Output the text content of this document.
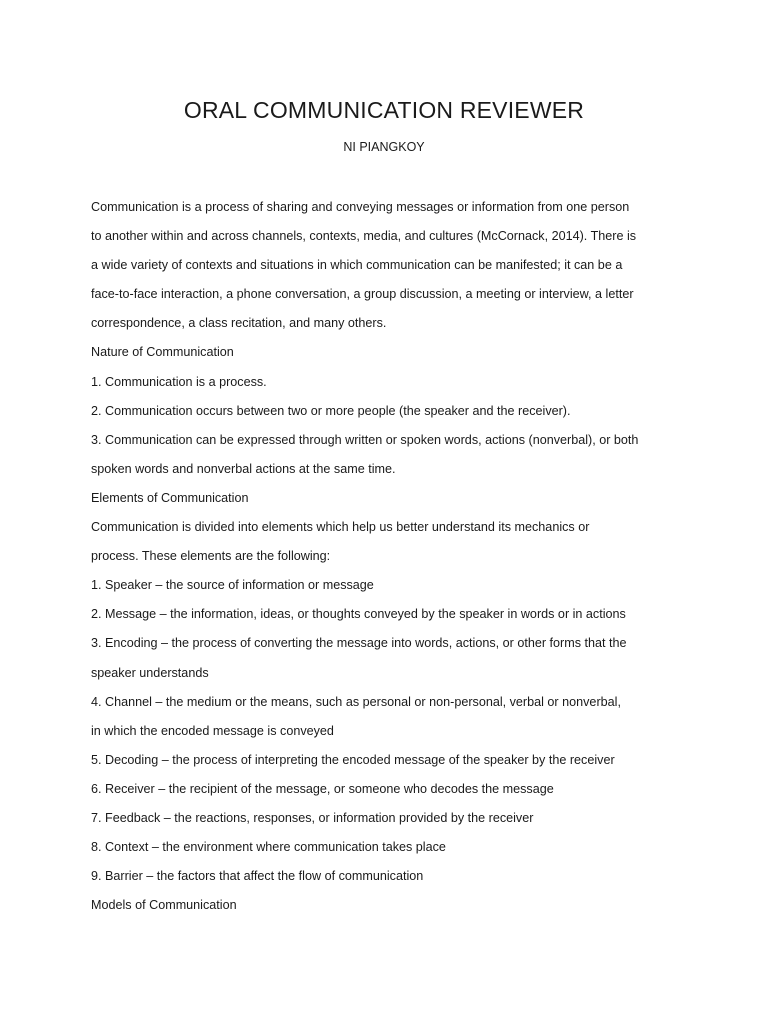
ORAL COMMUNICATION REVIEWER
NI PIANGKOY
Communication is a process of sharing and conveying messages or information from one person
to another within and across channels, contexts, media, and cultures (McCornack, 2014). There is
a wide variety of contexts and situations in which communication can be manifested; it can be a
face-to-face interaction, a phone conversation, a group discussion, a meeting or interview, a letter
correspondence, a class recitation, and many others.
Nature of Communication
1. Communication is a process.
2. Communication occurs between two or more people (the speaker and the receiver).
3. Communication can be expressed through written or spoken words, actions (nonverbal), or both
spoken words and nonverbal actions at the same time.
Elements of Communication
Communication is divided into elements which help us better understand its mechanics or
process. These elements are the following:
1. Speaker – the source of information or message
2. Message – the information, ideas, or thoughts conveyed by the speaker in words or in actions
3. Encoding – the process of converting the message into words, actions, or other forms that the
speaker understands
4. Channel – the medium or the means, such as personal or non-personal, verbal or nonverbal,
in which the encoded message is conveyed
5. Decoding – the process of interpreting the encoded message of the speaker by the receiver
6. Receiver – the recipient of the message, or someone who decodes the message
7. Feedback – the reactions, responses, or information provided by the receiver
8. Context – the environment where communication takes place
9. Barrier – the factors that affect the flow of communication
Models of Communication
